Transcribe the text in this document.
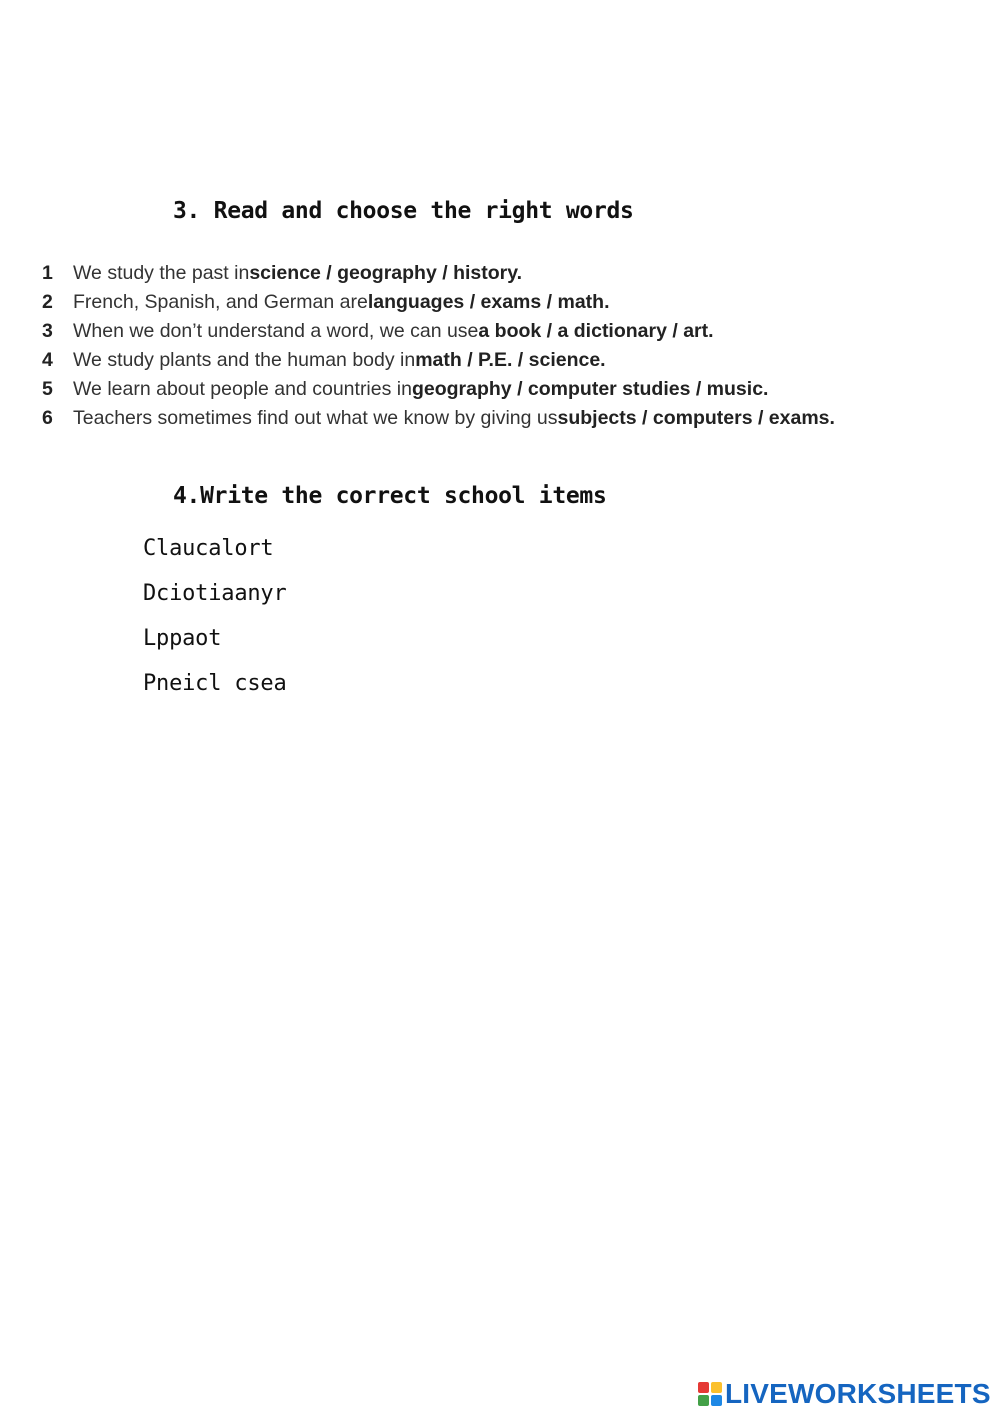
3. Read and choose the right words
1	We study the past in science / geography / history.
2	French, Spanish, and German are languages / exams / math.
3	When we don’t understand a word, we can use a book / a dictionary / art.
4	We study plants and the human body in math / P.E. / science.
5	We learn about people and countries in geography / computer studies / music.
6	Teachers sometimes find out what we know by giving us subjects / computers / exams.
4.Write the correct school items
Claucalort
Dciotiaanyr
Lppaot
Pneicl csea
LIVEWORKSHEETS
